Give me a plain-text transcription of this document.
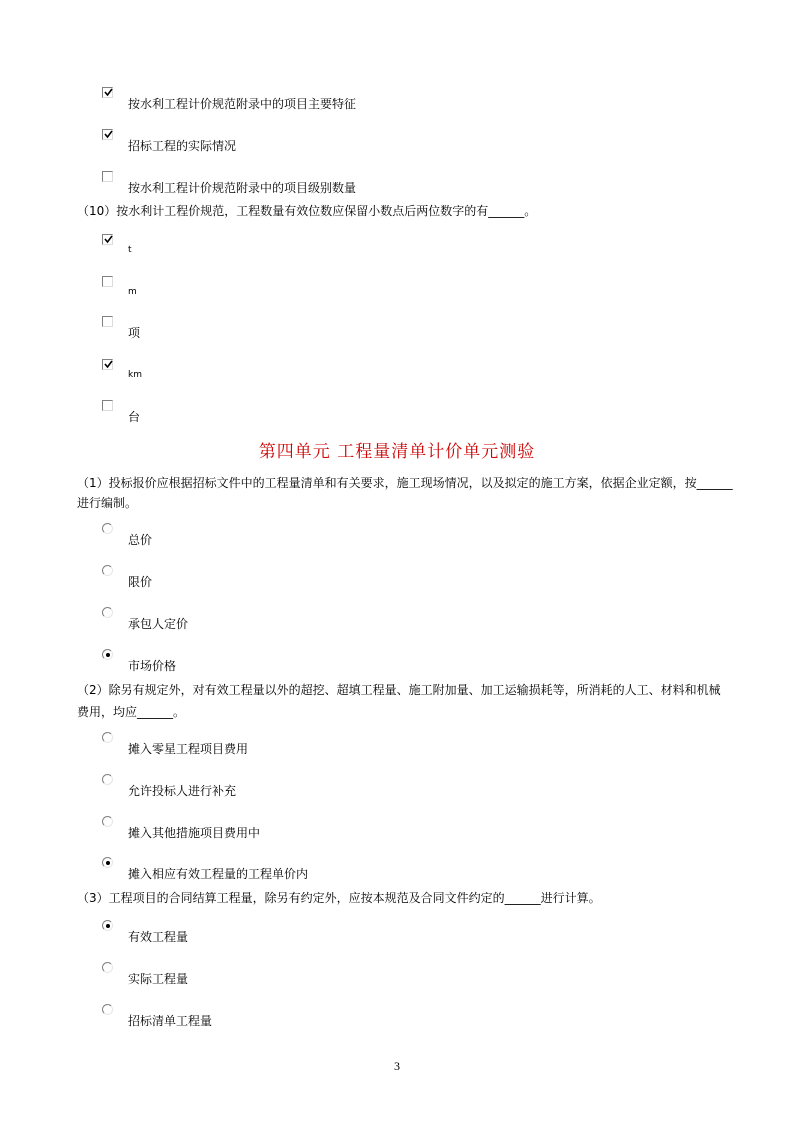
按水利工程计价规范附录中的项目主要特征
招标工程的实际情况
按水利工程计价规范附录中的项目级别数量
（10）按水利计工程价规范，工程数量有效位数应保留小数点后两位数字的有______。
t
m
项
km
台
第四单元 工程量清单计价单元测验
（1）投标报价应根据招标文件中的工程量清单和有关要求，施工现场情况，以及拟定的施工方案，依据企业定额，按______
进行编制。
总价
限价
承包人定价
市场价格
（2）除另有规定外，对有效工程量以外的超挖、超填工程量、施工附加量、加工运输损耗等，所消耗的人工、材料和机械
费用，均应______。
摊入零星工程项目费用
允许投标人进行补充
摊入其他措施项目费用中
摊入相应有效工程量的工程单价内
（3）工程项目的合同结算工程量，除另有约定外，应按本规范及合同文件约定的______进行计算。
有效工程量
实际工程量
招标清单工程量
3
